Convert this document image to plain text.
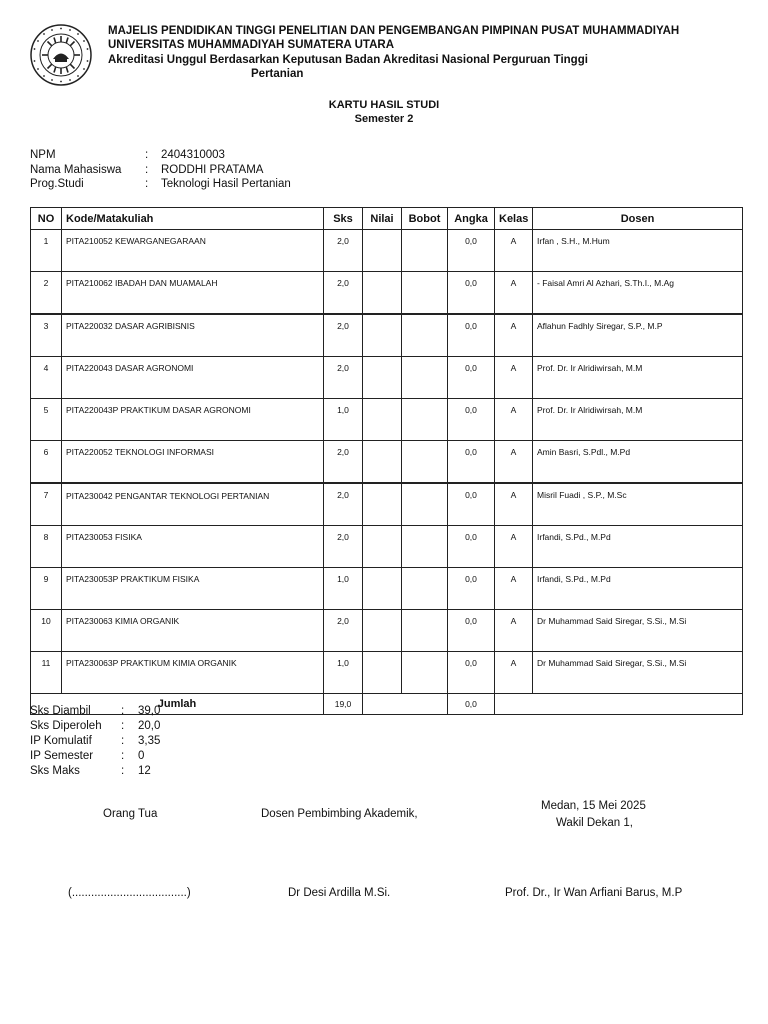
MAJELIS PENDIDIKAN TINGGI PENELITIAN DAN PENGEMBANGAN PIMPINAN PUSAT MUHAMMADIYAH
UNIVERSITAS MUHAMMADIYAH SUMATERA UTARA
Akreditasi Unggul Berdasarkan Keputusan Badan Akreditasi Nasional Perguruan Tinggi
Pertanian
KARTU HASIL STUDI
Semester 2
NPM	: 2404310003
Nama Mahasiswa	: RODDHI PRATAMA
Prog.Studi	: Teknologi Hasil Pertanian
NO	Kode/Matakuliah	Sks	Nilai	Bobot	Angka	Kelas	Dosen
1	PITA210052 KEWARGANEGARAAN	2,0			0,0	A	Irfan , S.H., M.Hum
2	PITA210062 IBADAH DAN MUAMALAH	2,0			0,0	A	- Faisal Amri Al Azhari, S.Th.I., M.Ag
3	PITA220032 DASAR AGRIBISNIS	2,0			0,0	A	Aflahun Fadhly Siregar, S.P., M.P
4	PITA220043 DASAR AGRONOMI	2,0			0,0	A	Prof. Dr. Ir Alridiwirsah, M.M
5	PITA220043P PRAKTIKUM DASAR AGRONOMI	1,0			0,0	A	Prof. Dr. Ir Alridiwirsah, M.M
6	PITA220052 TEKNOLOGI INFORMASI	2,0			0,0	A	Amin Basri, S.Pdl., M.Pd
7	PITA230042 PENGANTAR TEKNOLOGI PERTANIAN	2,0			0,0	A	Misril Fuadi , S.P., M.Sc
8	PITA230053 FISIKA	2,0			0,0	A	Irfandi, S.Pd., M.Pd
9	PITA230053P PRAKTIKUM FISIKA	1,0			0,0	A	Irfandi, S.Pd., M.Pd
10	PITA230063 KIMIA ORGANIK	2,0			0,0	A	Dr Muhammad Said Siregar, S.Si., M.Si
11	PITA230063P PRAKTIKUM KIMIA ORGANIK	1,0			0,0	A	Dr Muhammad Said Siregar, S.Si., M.Si
Jumlah		19,0			0,0		
Sks Diambil	: 39,0
Sks Diperoleh	: 20,0
IP Komulatif	: 3,35
IP Semester	: 0
Sks Maks	: 12
Medan, 15 Mei 2025
Wakil Dekan 1,
Orang Tua	Dosen Pembimbing Akademik,
(....................................)	Dr Desi Ardilla M.Si.	Prof. Dr., Ir Wan Arfiani Barus, M.P
